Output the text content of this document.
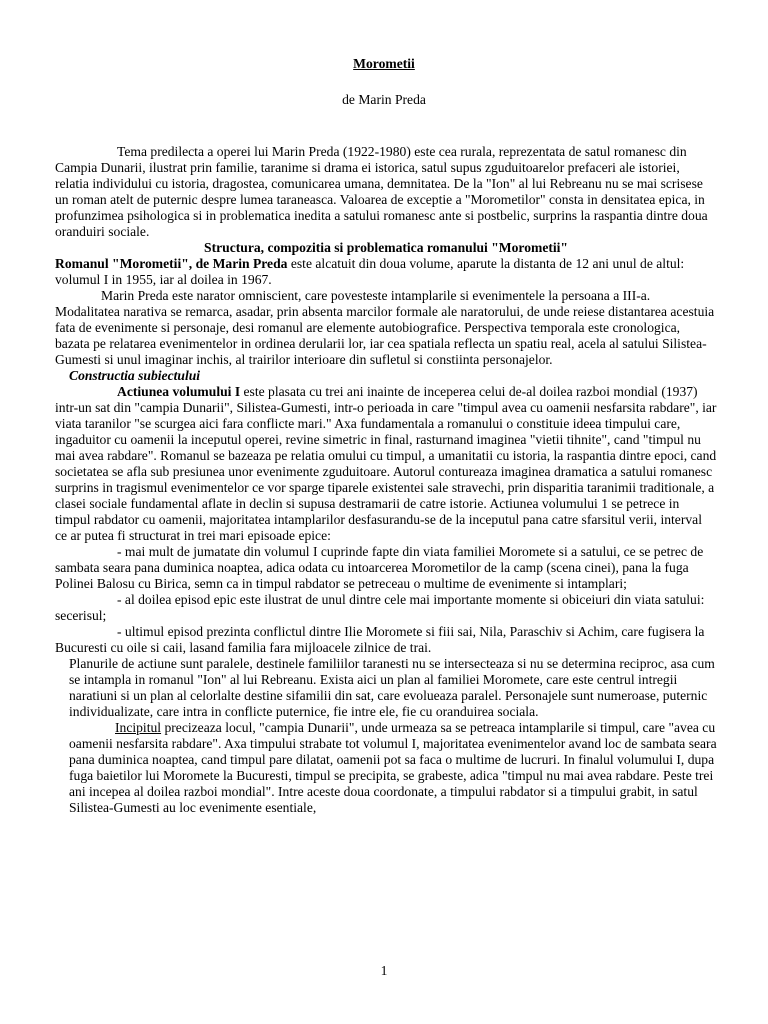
Morometii
de Marin Preda

Tema predilecta a operei lui Marin Preda (1922-1980) este cea rurala, reprezentata de satul romanesc din Campia Dunarii, ilustrat prin familie, taranime si drama ei istorica, satul supus zguduitoarelor prefaceri ale istoriei, relatia individului cu istoria, dragostea, comunicarea umana, demnitatea. De la "Ion" al lui Rebreanu nu se mai scrisese un roman atelt de puternic despre lumea taraneasca. Valoarea de exceptie a "Morometilor" consta in densitatea epica, in profunzimea psihologica si in problematica inedita a satului romanesc ante si postbelic, surprins la raspantia dintre doua oranduiri sociale.

Structura, compozitia si problematica romanului "Morometii"

Romanul "Morometii", de Marin Preda este alcatuit din doua volume, aparute la distanta de 12 ani unul de altul: volumul I in 1955, iar al doilea in 1967.

Marin Preda este narator omniscient, care povesteste intamplarile si evenimentele la persoana a III-a. Modalitatea narativa se remarca, asadar, prin absenta marcilor formale ale naratorului, de unde reiese distantarea acestuia fata de evenimente si personaje, desi romanul are elemente autobiografice. Perspectiva temporala este cronologica, bazata pe relatarea evenimentelor in ordinea derularii lor, iar cea spatiala reflecta un spatiu real, acela al satului Silistea-Gumesti si unul imaginar inchis, al trairilor interioare din sufletul si constiinta personajelor.

Constructia subiectului

Actiunea volumului I este plasata cu trei ani inainte de inceperea celui de-al doilea razboi mondial (1937) intr-un sat din "campia Dunarii", Silistea-Gumesti, intr-o perioada in care "timpul avea cu oamenii nesfarsita rabdare", iar viata taranilor "se scurgea aici fara conflicte mari." Axa fundamentala a romanului o constituie ideea timpului care, ingaduitor cu oamenii la inceputul operei, revine simetric in final, rasturnand imaginea "vietii tihnite", cand "timpul nu mai avea rabdare". Romanul se bazeaza pe relatia omului cu timpul, a umanitatii cu istoria, la raspantia dintre epoci, cand societatea se afla sub presiunea unor evenimente zguduitoare. Autorul contureaza imaginea dramatica a satului romanesc surprins in tragismul evenimentelor ce vor sparge tiparele existentei sale stravechi, prin disparitia taranimii traditionale, a clasei sociale fundamental aflate in declin si supusa destramarii de catre istorie. Actiunea volumului 1 se petrece in timpul rabdator cu oamenii, majoritatea intamplarilor desfasurandu-se de la inceputul pana catre sfarsitul verii, interval ce ar putea fi structurat in trei mari episoade epice:

- mai mult de jumatate din volumul I cuprinde fapte din viata familiei Moromete si a satului, ce se petrec de sambata seara pana duminica noaptea, adica odata cu intoarcerea Morometilor de la camp (scena cinei), pana la fuga Polinei Balosu cu Birica, semn ca in timpul rabdator se petreceau o multime de evenimente si intamplari;

- al doilea episod epic este ilustrat de unul dintre cele mai importante momente si obiceiuri din viata satului: secerisul;

- ultimul episod prezinta conflictul dintre Ilie Moromete si fiii sai, Nila, Paraschiv si Achim, care fugisera la Bucuresti cu oile si caii, lasand familia fara mijloacele zilnice de trai.

Planurile de actiune sunt paralele, destinele familiilor taranesti nu se intersecteaza si nu se determina reciproc, asa cum se intampla in romanul "Ion" al lui Rebreanu. Exista aici un plan al familiei Moromete, care este centrul intregii naratiuni si un plan al celorlalte destine sifamilii din sat, care evolueaza paralel. Personajele sunt numeroase, puternic individualizate, care intra in conflicte puternice, fie intre ele, fie cu oranduirea sociala.

Incipitul precizeaza locul, "campia Dunarii", unde urmeaza sa se petreaca intamplarile si timpul, care "avea cu oamenii nesfarsita rabdare". Axa timpului strabate tot volumul I, majoritatea evenimentelor avand loc de sambata seara pana duminica noaptea, cand timpul pare dilatat, oamenii pot sa faca o multime de lucruri. In finalul volumului I, dupa fuga baietilor lui Moromete la Bucuresti, timpul se precipita, se grabeste, adica "timpul nu mai avea rabdare. Peste trei ani incepea al doilea razboi mondial". Intre aceste doua coordonate, a timpului rabdator si a timpului grabit, in satul Silistea-Gumesti au loc evenimente esentiale,

1
